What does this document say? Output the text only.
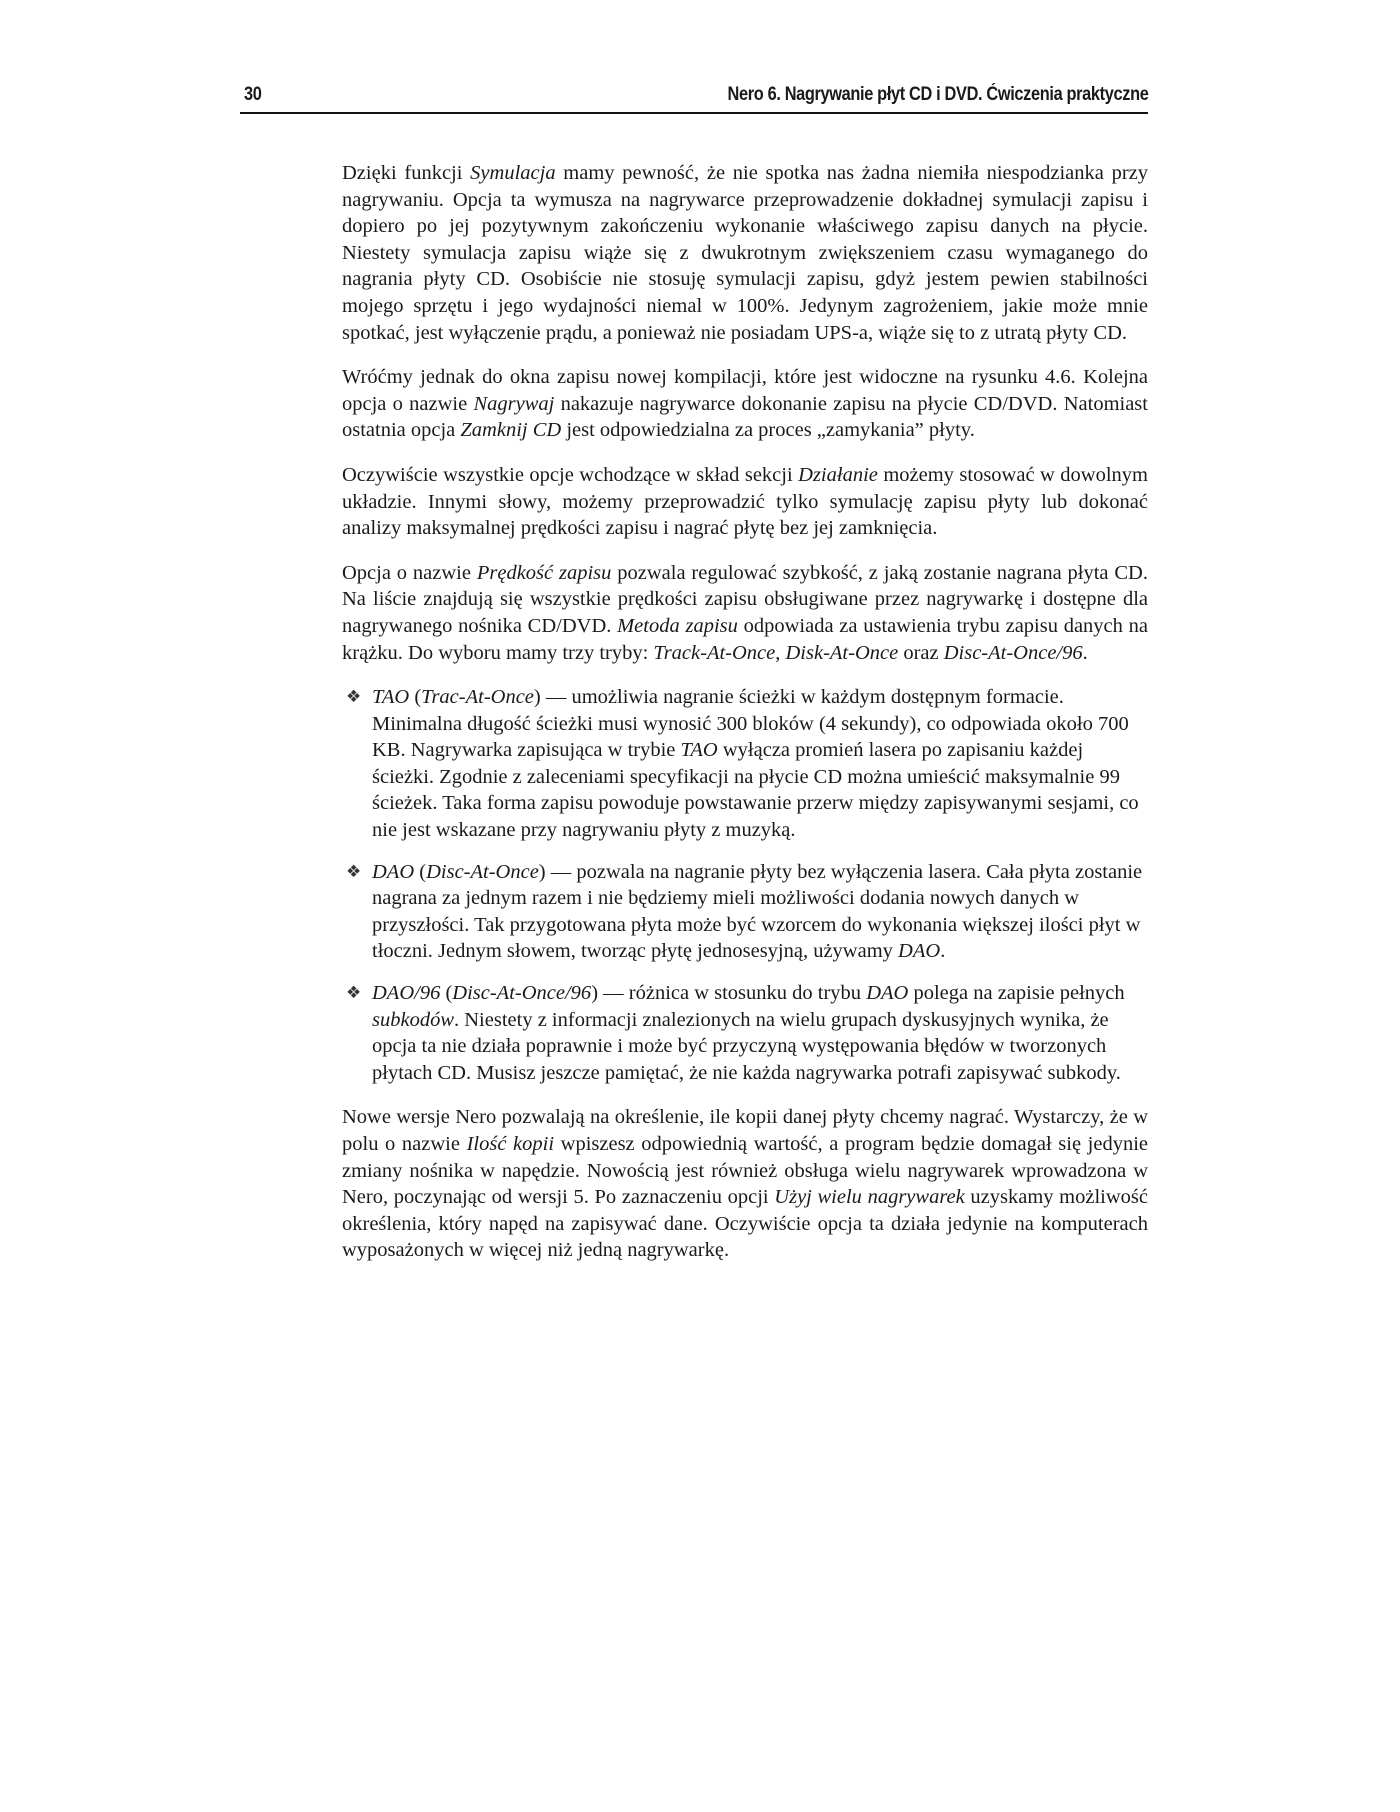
30	Nero 6. Nagrywanie płyt CD i DVD. Ćwiczenia praktyczne

Dzięki funkcji Symulacja mamy pewność, że nie spotka nas żadna niemiła niespodzianka przy nagrywaniu. Opcja ta wymusza na nagrywarce przeprowadzenie dokładnej symulacji zapisu i dopiero po jej pozytywnym zakończeniu wykonanie właściwego zapisu danych na płycie. Niestety symulacja zapisu wiąże się z dwukrotnym zwiększeniem czasu wymaganego do nagrania płyty CD. Osobiście nie stosuję symulacji zapisu, gdyż jestem pewien stabilności mojego sprzętu i jego wydajności niemal w 100%. Jedynym zagrożeniem, jakie może mnie spotkać, jest wyłączenie prądu, a ponieważ nie posiadam UPS-a, wiąże się to z utratą płyty CD.

Wróćmy jednak do okna zapisu nowej kompilacji, które jest widoczne na rysunku 4.6. Kolejna opcja o nazwie Nagrywaj nakazuje nagrywarce dokonanie zapisu na płycie CD/DVD. Natomiast ostatnia opcja Zamknij CD jest odpowiedzialna za proces „zamykania” płyty.

Oczywiście wszystkie opcje wchodzące w skład sekcji Działanie możemy stosować w dowolnym układzie. Innymi słowy, możemy przeprowadzić tylko symulację zapisu płyty lub dokonać analizy maksymalnej prędkości zapisu i nagrać płytę bez jej zamknięcia.

Opcja o nazwie Prędkość zapisu pozwala regulować szybkość, z jaką zostanie nagrana płyta CD. Na liście znajdują się wszystkie prędkości zapisu obsługiwane przez nagrywarkę i dostępne dla nagrywanego nośnika CD/DVD. Metoda zapisu odpowiada za ustawienia trybu zapisu danych na krążku. Do wyboru mamy trzy tryby: Track-At-Once, Disk-At-Once oraz Disc-At-Once/96.

❖ TAO (Trac-At-Once) — umożliwia nagranie ścieżki w każdym dostępnym formacie. Minimalna długość ścieżki musi wynosić 300 bloków (4 sekundy), co odpowiada około 700 KB. Nagrywarka zapisująca w trybie TAO wyłącza promień lasera po zapisaniu każdej ścieżki. Zgodnie z zaleceniami specyfikacji na płycie CD można umieścić maksymalnie 99 ścieżek. Taka forma zapisu powoduje powstawanie przerw między zapisywanymi sesjami, co nie jest wskazane przy nagrywaniu płyty z muzyką.
❖ DAO (Disc-At-Once) — pozwala na nagranie płyty bez wyłączenia lasera. Cała płyta zostanie nagrana za jednym razem i nie będziemy mieli możliwości dodania nowych danych w przyszłości. Tak przygotowana płyta może być wzorcem do wykonania większej ilości płyt w tłoczni. Jednym słowem, tworząc płytę jednosesyjną, używamy DAO.
❖ DAO/96 (Disc-At-Once/96) — różnica w stosunku do trybu DAO polega na zapisie pełnych subkodów. Niestety z informacji znalezionych na wielu grupach dyskusyjnych wynika, że opcja ta nie działa poprawnie i może być przyczyną występowania błędów w tworzonych płytach CD. Musisz jeszcze pamiętać, że nie każda nagrywarka potrafi zapisywać subkody.

Nowe wersje Nero pozwalają na określenie, ile kopii danej płyty chcemy nagrać. Wystarczy, że w polu o nazwie Ilość kopii wpiszesz odpowiednią wartość, a program będzie domagał się jedynie zmiany nośnika w napędzie. Nowością jest również obsługa wielu nagrywarek wprowadzona w Nero, poczynając od wersji 5. Po zaznaczeniu opcji Użyj wielu nagrywarek uzyskamy możliwość określenia, który napęd na zapisywać dane. Oczywiście opcja ta działa jedynie na komputerach wyposażonych w więcej niż jedną nagrywarkę.
